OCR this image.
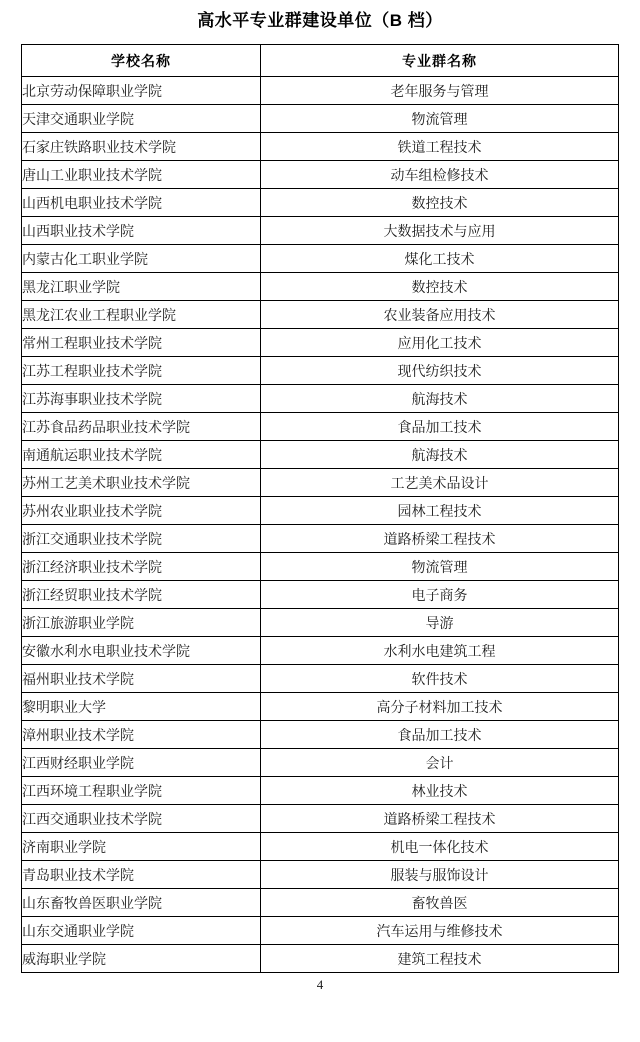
高水平专业群建设单位（B 档）
学校名称	专业群名称
北京劳动保障职业学院	老年服务与管理
天津交通职业学院	物流管理
石家庄铁路职业技术学院	铁道工程技术
唐山工业职业技术学院	动车组检修技术
山西机电职业技术学院	数控技术
山西职业技术学院	大数据技术与应用
内蒙古化工职业学院	煤化工技术
黑龙江职业学院	数控技术
黑龙江农业工程职业学院	农业装备应用技术
常州工程职业技术学院	应用化工技术
江苏工程职业技术学院	现代纺织技术
江苏海事职业技术学院	航海技术
江苏食品药品职业技术学院	食品加工技术
南通航运职业技术学院	航海技术
苏州工艺美术职业技术学院	工艺美术品设计
苏州农业职业技术学院	园林工程技术
浙江交通职业技术学院	道路桥梁工程技术
浙江经济职业技术学院	物流管理
浙江经贸职业技术学院	电子商务
浙江旅游职业学院	导游
安徽水利水电职业技术学院	水利水电建筑工程
福州职业技术学院	软件技术
黎明职业大学	高分子材料加工技术
漳州职业技术学院	食品加工技术
江西财经职业学院	会计
江西环境工程职业学院	林业技术
江西交通职业技术学院	道路桥梁工程技术
济南职业学院	机电一体化技术
青岛职业技术学院	服装与服饰设计
山东畜牧兽医职业学院	畜牧兽医
山东交通职业学院	汽车运用与维修技术
威海职业学院	建筑工程技术
4
